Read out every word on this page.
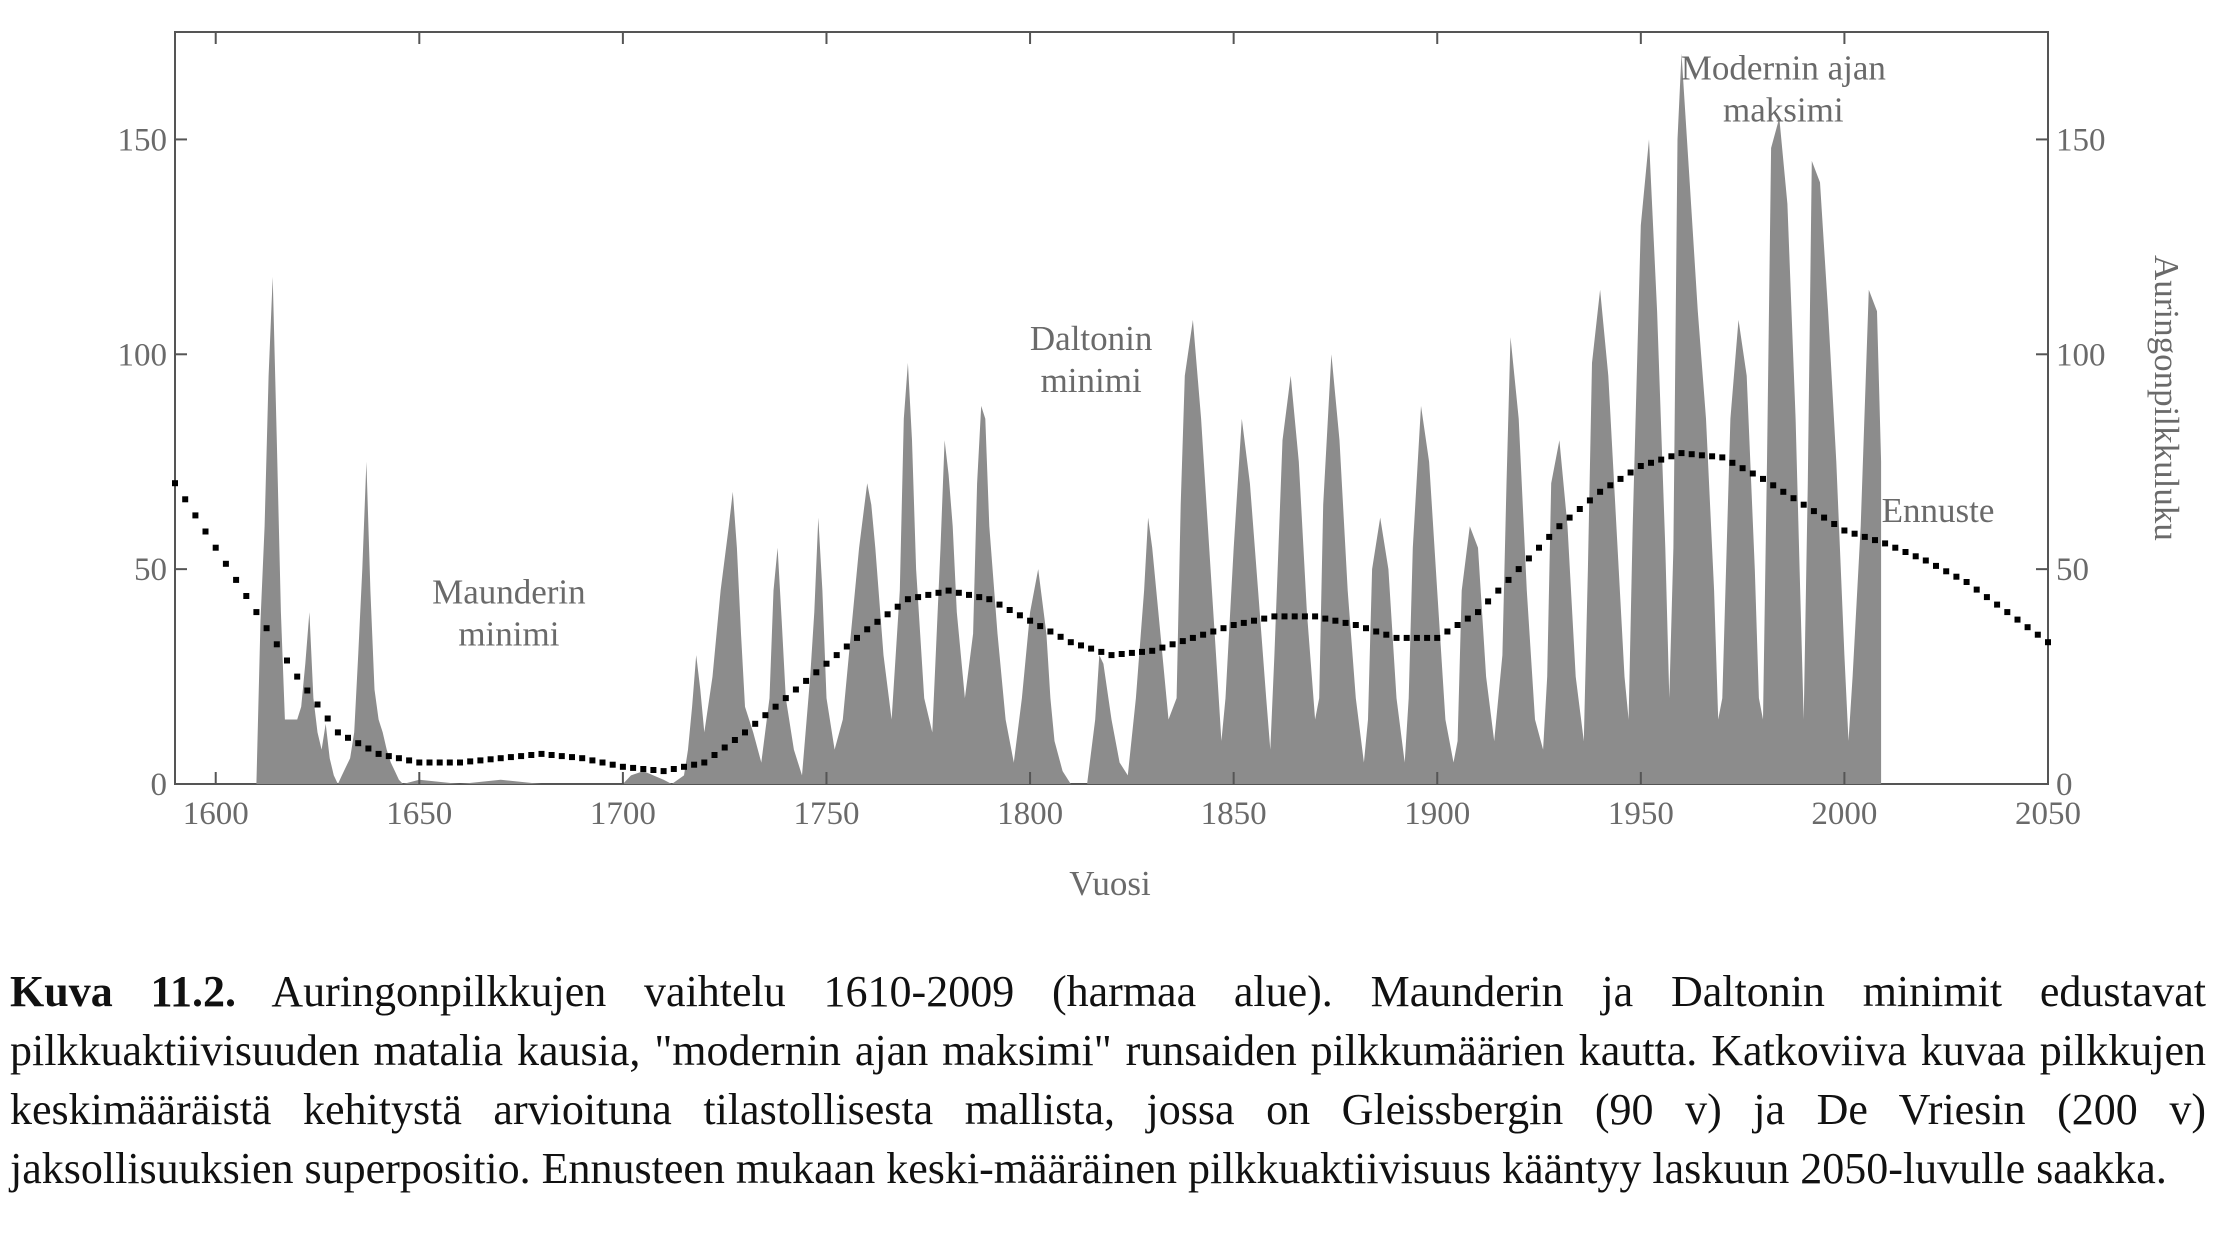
1600	1650	1700	1750	1800	1850	1900	1950	2000	2050
0	0
50	50
100	100
150	150
Maunderin
minimi
Daltonin
minimi
Modernin ajan
maksimi
Ennuste
Vuosi
Auringonpilkkuluku
Kuva 11.2. Auringonpilkkujen vaihtelu 1610-2009 (harmaa alue). Maunderin ja Daltonin minimit edustavat pilkkuaktiivisuuden matalia kausia, "modernin ajan maksimi" runsaiden pilkkumäärien kautta. Katkoviiva kuvaa pilkkujen keskimääräistä kehitystä arvioituna tilastollisesta mallista, jossa on Gleissbergin (90 v) ja De Vriesin (200 v) jaksollisuuksien superpositio. Ennusteen mukaan keski-määräinen pilkkuaktiivisuus kääntyy laskuun 2050-luvulle saakka.
